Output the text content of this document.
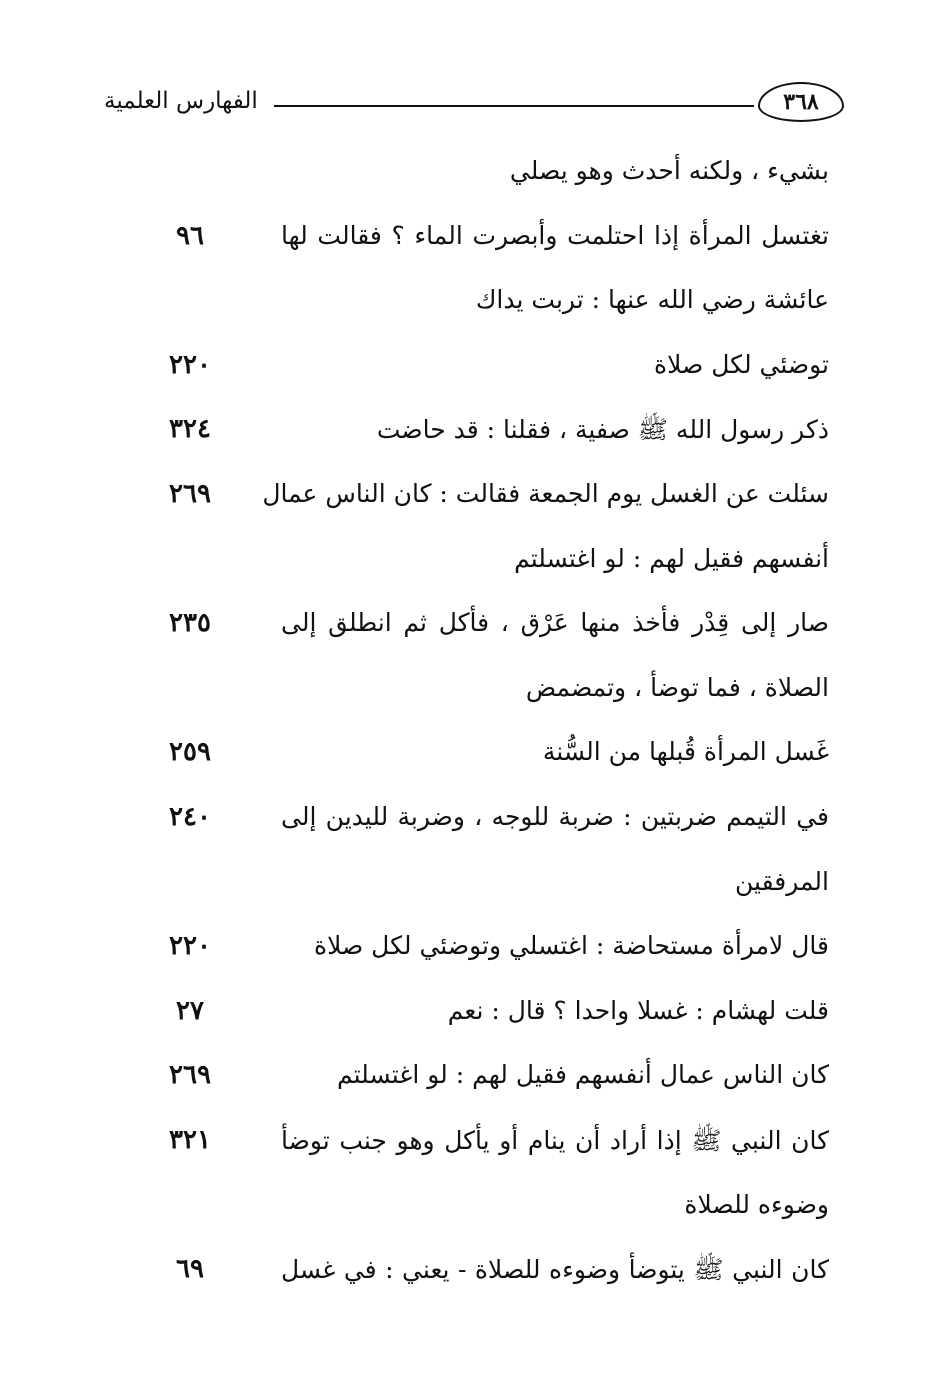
الفهارس العلمية	٣٦٨
بشيء ، ولكنه أحدث وهو يصلي
تغتسل المرأة إذا احتلمت وأبصرت الماء ؟ فقالت لها
٩٦
عائشة رضي الله عنها : تربت يداك
توضئي لكل صلاة
٢٢٠
ذكر رسول الله ﷺ صفية ، فقلنا : قد حاضت
٣٢٤
سئلت عن الغسل يوم الجمعة فقالت : كان الناس عمال
٢٦٩
أنفسهم فقيل لهم : لو اغتسلتم
صار إلى قِدْر فأخذ منها عَرْق ، فأكل ثم انطلق إلى
٢٣٥
الصلاة ، فما توضأ ، وتمضمض
غَسل المرأة قُبلها من السُّنة
٢٥٩
في التيمم ضربتين : ضربة للوجه ، وضربة لليدين إلى
٢٤٠
المرفقين
قال لامرأة مستحاضة : اغتسلي وتوضئي لكل صلاة
٢٢٠
قلت لهشام : غسلا واحدا ؟ قال : نعم
٢٧
كان الناس عمال أنفسهم فقيل لهم : لو اغتسلتم
٢٦٩
كان النبي ﷺ إذا أراد أن ينام أو يأكل وهو جنب توضأ
٣٢١
وضوءه للصلاة
كان النبي ﷺ يتوضأ وضوءه للصلاة - يعني : في غسل
٦٩
